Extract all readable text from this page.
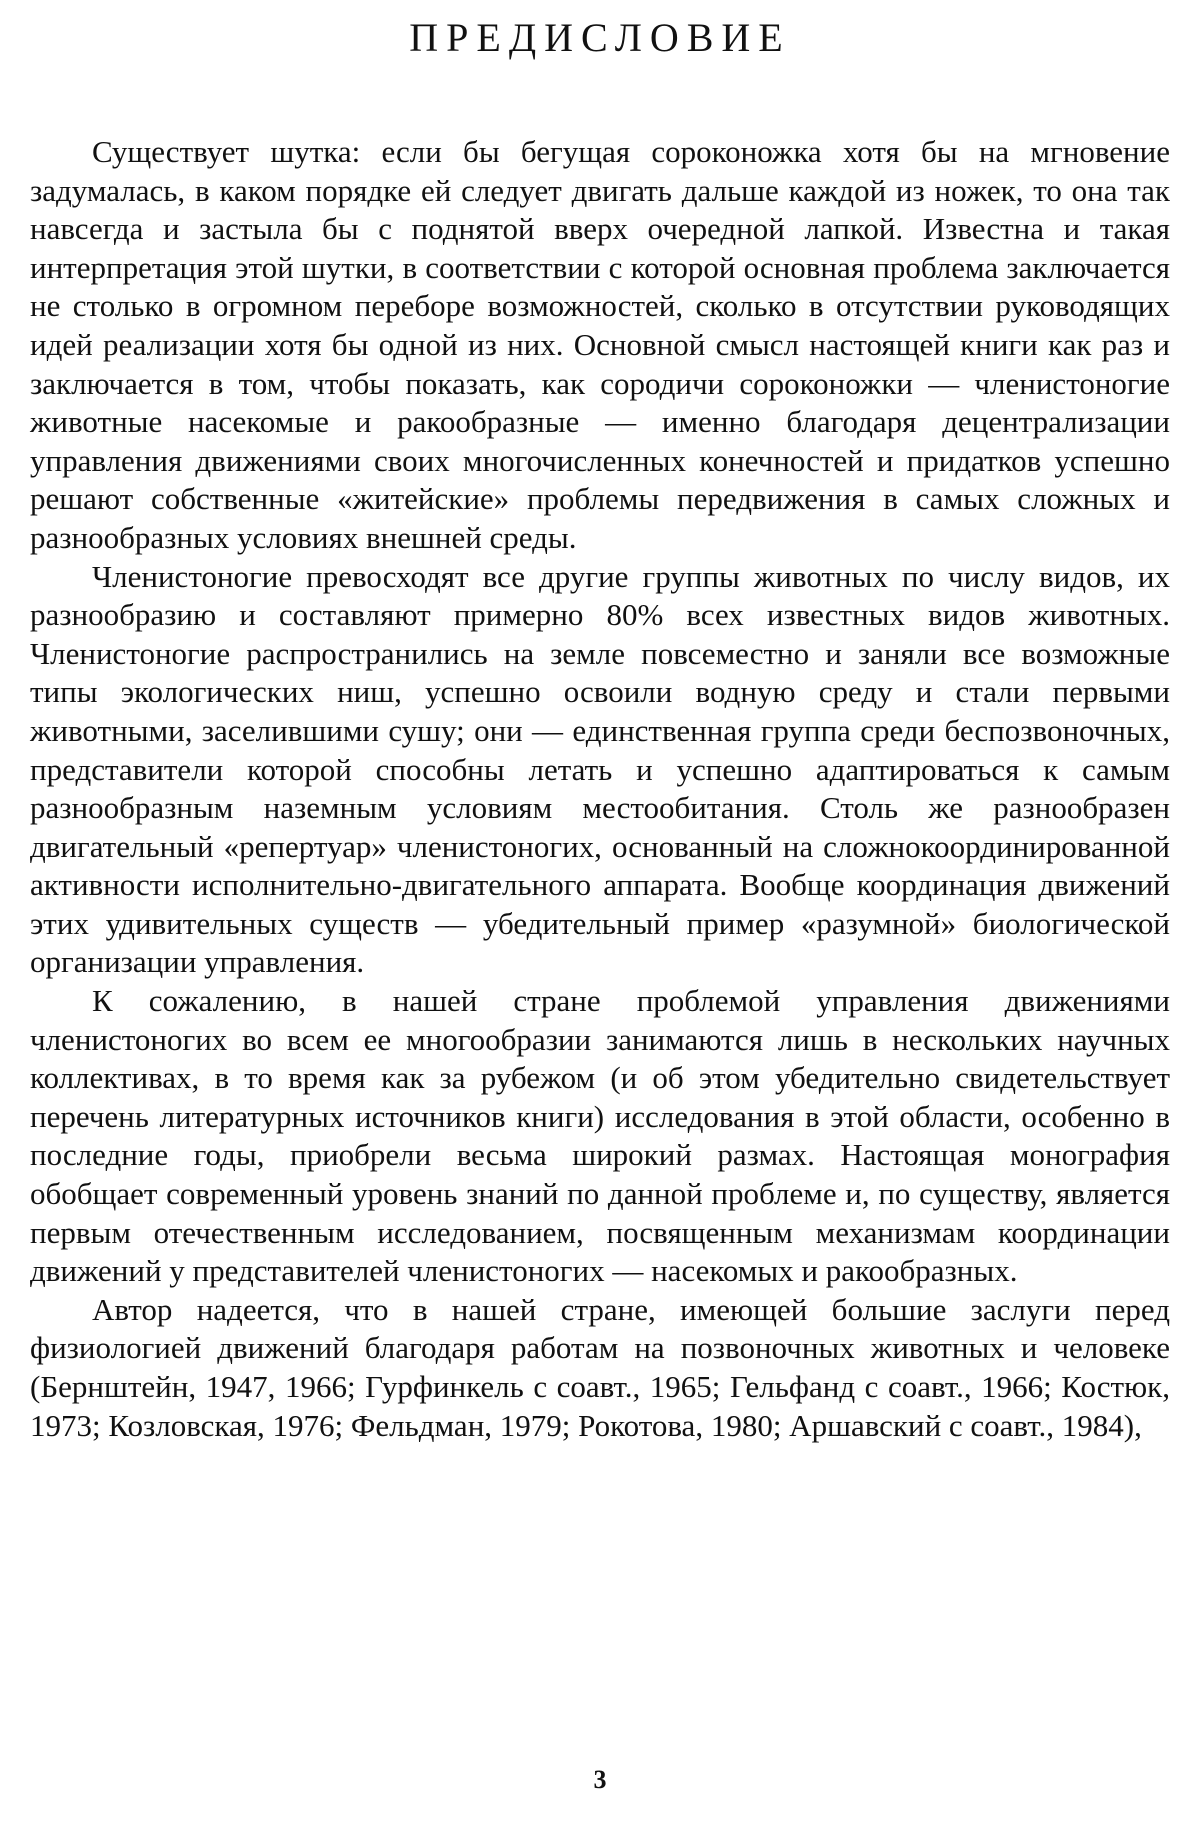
ПРЕДИСЛОВИЕ

Существует шутка: если бы бегущая сороконожка хотя бы на мгновение задумалась, в каком порядке ей следует двигать дальше каждой из ножек, то она так навсегда и застыла бы с поднятой вверх очередной лапкой. Известна и такая интерпретация этой шутки, в соответствии с которой основная проблема заключается не столько в огромном переборе возможностей, сколько в отсутствии руководящих идей реализации хотя бы одной из них. Основной смысл настоящей книги как раз и заключается в том, чтобы показать, как сородичи сороконожки — членистоногие животные насекомые и ракообразные — именно благодаря децентрализации управления движениями своих многочисленных конечностей и придатков успешно решают собственные «житейские» проблемы передвижения в самых сложных и разнообразных условиях внешней среды.

Членистоногие превосходят все другие группы животных по числу видов, их разнообразию и составляют примерно 80% всех известных видов животных. Членистоногие распространились на земле повсеместно и заняли все возможные типы экологических ниш, успешно освоили водную среду и стали первыми животными, заселившими сушу; они — единственная группа среди беспозвоночных, представители которой способны летать и успешно адаптироваться к самым разнообразным наземным условиям местообитания. Столь же разнообразен двигательный «репертуар» членистоногих, основанный на сложнокоординированной активности исполнительно-двигательного аппарата. Вообще координация движений этих удивительных существ — убедительный пример «разумной» биологической организации управления.

К сожалению, в нашей стране проблемой управления движениями членистоногих во всем ее многообразии занимаются лишь в нескольких научных коллективах, в то время как за рубежом (и об этом убедительно свидетельствует перечень литературных источников книги) исследования в этой области, особенно в последние годы, приобрели весьма широкий размах. Настоящая монография обобщает современный уровень знаний по данной проблеме и, по существу, является первым отечественным исследованием, посвященным механизмам координации движений у представителей членистоногих — насекомых и ракообразных.

Автор надеется, что в нашей стране, имеющей большие заслуги перед физиологией движений благодаря работам на позвоночных животных и человеке (Бернштейн, 1947, 1966; Гурфинкель с соавт., 1965; Гельфанд с соавт., 1966; Костюк, 1973; Козловская, 1976; Фельдман, 1979; Рокотова, 1980; Аршавский с соавт., 1984),

3
